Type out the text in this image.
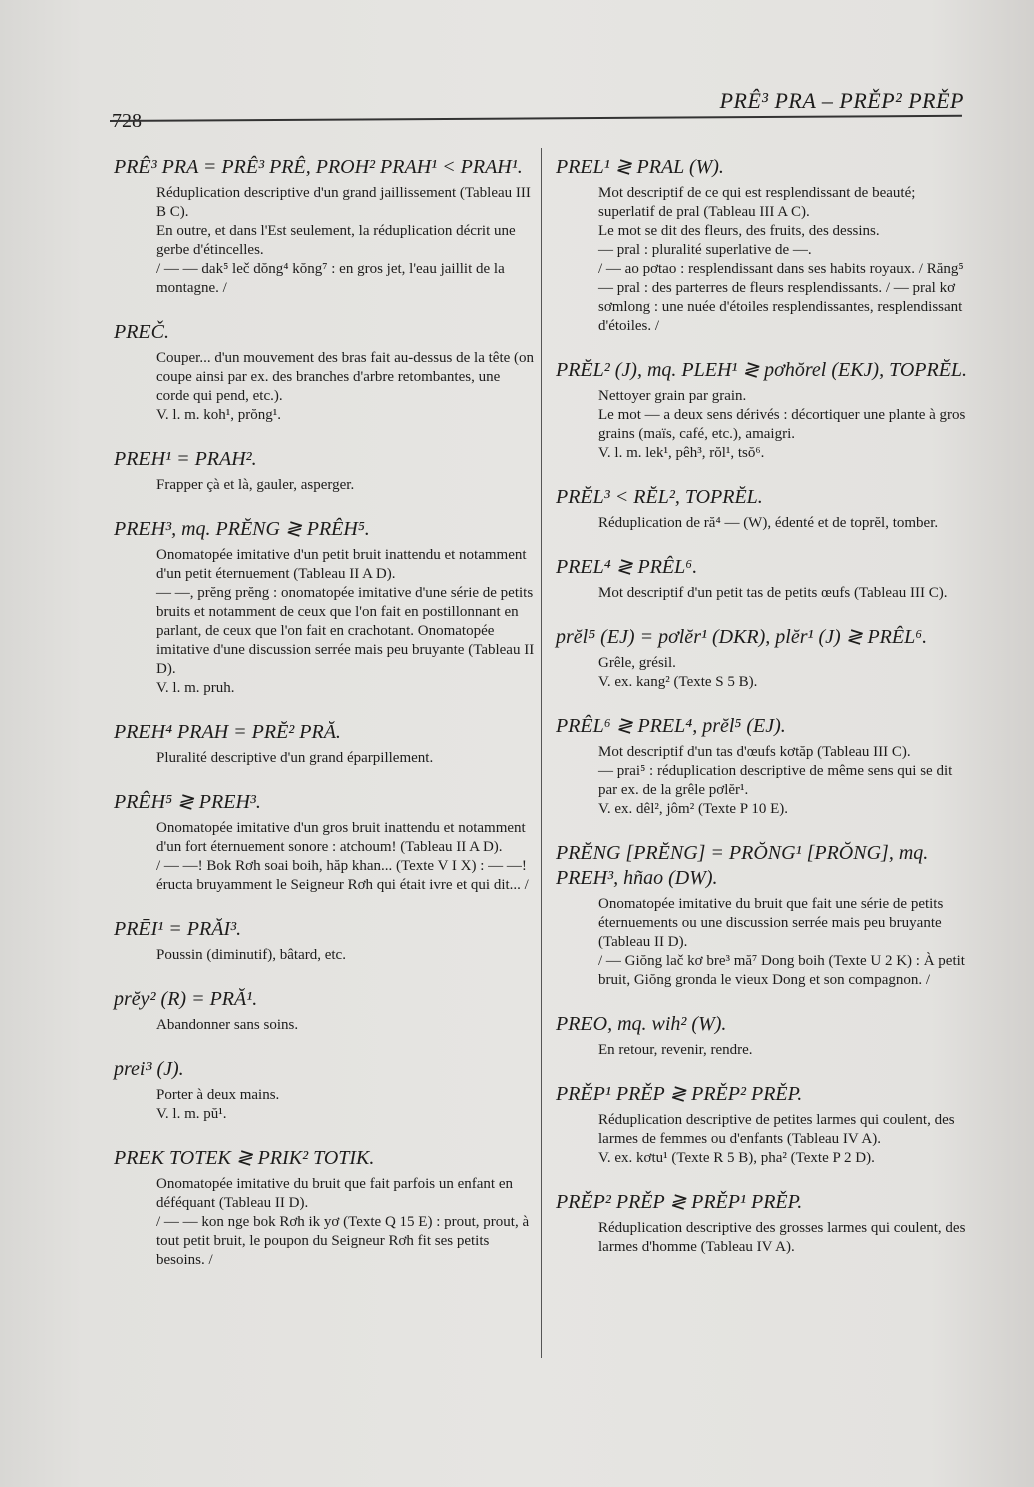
PRÊ³ PRA – PRĚP² PRĚP
728
PRÊ³ PRA = PRÊ³ PRÊ, PROH² PRAH¹ < PRAH¹.

Réduplication descriptive d'un grand jaillissement (Tableau III B C).

En outre, et dans l'Est seulement, la réduplication décrit une gerbe d'étincelles.

/ — — dak⁵ leč dŏng⁴ kŏng⁷ : en gros jet, l'eau jaillit de la montagne. /

PREČ.

Couper... d'un mouvement des bras fait au-dessus de la tête (on coupe ainsi par ex. des branches d'arbre retombantes, une corde qui pend, etc.).

V. l. m. koh¹, prŏng¹.

PREH¹ = PRAH².

Frapper çà et là, gauler, asperger.

PREH³, mq. PRĔNG ≷ PRÊH⁵.

Onomatopée imitative d'un petit bruit inattendu et notamment d'un petit éternuement (Tableau II A D).

— —, prĕng prĕng : onomatopée imitative d'une série de petits bruits et notamment de ceux que l'on fait en postillonnant en parlant, de ceux que l'on fait en crachotant. Onomatopée imitative d'une discussion serrée mais peu bruyante (Tableau II D).

V. l. m. pruh.

PREH⁴ PRAH = PRĔ² PRĂ.

Pluralité descriptive d'un grand éparpillement.

PRÊH⁵ ≷ PREH³.

Onomatopée imitative d'un gros bruit inattendu et notamment d'un fort éternuement sonore : atchoum! (Tableau II A D).

/ — —! Bok Rơh soai boih, hăp khan... (Texte V I X) : — —! éructa bruyamment le Seigneur Rơh qui était ivre et qui dit... /

PRĒI¹ = PRĂI³.

Poussin (diminutif), bâtard, etc.

prĕy² (R) = PRĂ¹.

Abandonner sans soins.

prei³ (J).

Porter à deux mains.

V. l. m. pŭ¹.

PREK TOTEK ≷ PRIK² TOTIK.

Onomatopée imitative du bruit que fait parfois un enfant en déféquant (Tableau II D).

/ — — kon nge bok Rơh ik yơ (Texte Q 15 E) : prout, prout, à tout petit bruit, le poupon du Seigneur Rơh fit ses petits besoins. /

PREL¹ ≷ PRAL (W).

Mot descriptif de ce qui est resplendissant de beauté; superlatif de pral (Tableau III A C).

Le mot se dit des fleurs, des fruits, des dessins.

— pral : pluralité superlative de —.

/ — ao pơtao : resplendissant dans ses habits royaux. / Răng⁵ — pral : des parterres de fleurs resplendissants. / — pral kơ sơmlong : une nuée d'étoiles resplendissantes, resplendissant d'étoiles. /

PRĔL² (J), mq. PLEH¹ ≷ pơhŏrel (EKJ), TOPRĔL.

Nettoyer grain par grain.

Le mot — a deux sens dérivés : décortiquer une plante à gros grains (maïs, café, etc.), amaigri.

V. l. m. lek¹, pêh³, rŏl¹, tsŏ⁶.

PRĔL³ < RĔL², TOPRĔL.

Réduplication de ră⁴ — (W), édenté et de toprĕl, tomber.

PREL⁴ ≷ PRÊL⁶.

Mot descriptif d'un petit tas de petits œufs (Tableau III C).

prĕl⁵ (EJ) = pơlĕr¹ (DKR), plĕr¹ (J) ≷ PRÊL⁶.

Grêle, grésil.

V. ex. kang² (Texte S 5 B).

PRÊL⁶ ≷ PREL⁴, prĕl⁵ (EJ).

Mot descriptif d'un tas d'œufs kơtăp (Tableau III C).

— prai⁵ : réduplication descriptive de même sens qui se dit par ex. de la grêle pơlĕr¹.

V. ex. dêl², jôm² (Texte P 10 E).

PRĔNG [PRĔNG] = PRŎNG¹ [PRŎNG], mq. PREH³, hñao (DW).

Onomatopée imitative du bruit que fait une série de petits éternuements ou une discussion serrée mais peu bruyante (Tableau II D).

/ — Giŏng lač kơ bre³ mă⁷ Dong boih (Texte U 2 K) : À petit bruit, Giŏng gronda le vieux Dong et son compagnon. /

PREO, mq. wih² (W).

En retour, revenir, rendre.

PRĚP¹ PRĚP ≷ PRĚP² PRĚP.

Réduplication descriptive de petites larmes qui coulent, des larmes de femmes ou d'enfants (Tableau IV A).

V. ex. kơtu¹ (Texte R 5 B), pha² (Texte P 2 D).

PRĚP² PRĚP ≷ PRĚP¹ PRĚP.

Réduplication descriptive des grosses larmes qui coulent, des larmes d'homme (Tableau IV A).
